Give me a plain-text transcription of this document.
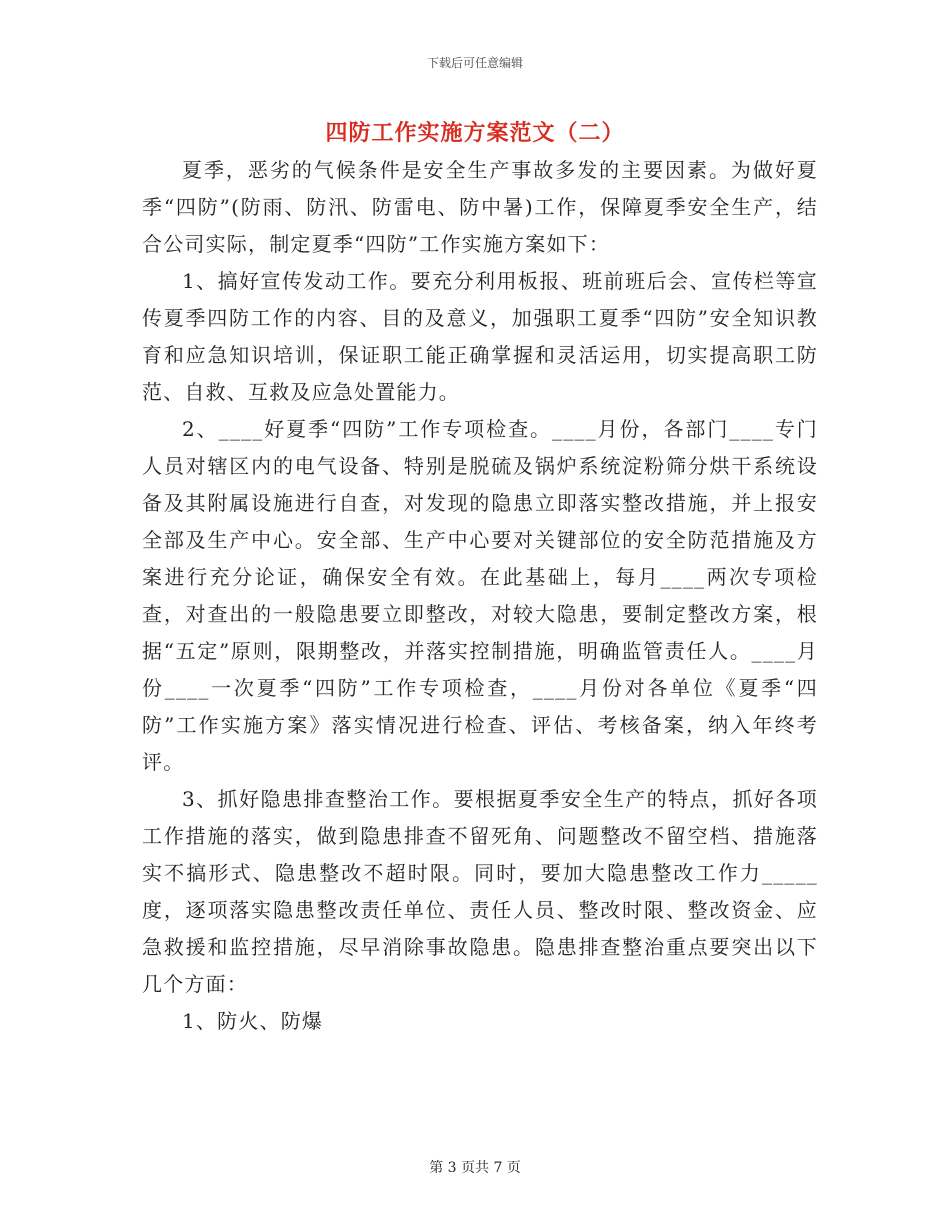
下载后可任意编辑
四防工作实施方案范文（二）

夏季，恶劣的气候条件是安全生产事故多发的主要因素。为做好夏季“四防”(防雨、防汛、防雷电、防中暑)工作，保障夏季安全生产，结合公司实际，制定夏季“四防”工作实施方案如下：

1、搞好宣传发动工作。要充分利用板报、班前班后会、宣传栏等宣传夏季四防工作的内容、目的及意义，加强职工夏季“四防”安全知识教育和应急知识培训，保证职工能正确掌握和灵活运用，切实提高职工防范、自救、互救及应急处置能力。

2、____好夏季“四防”工作专项检查。____月份，各部门____专门人员对辖区内的电气设备、特别是脱硫及锅炉系统淀粉筛分烘干系统设备及其附属设施进行自查，对发现的隐患立即落实整改措施，并上报安全部及生产中心。安全部、生产中心要对关键部位的安全防范措施及方案进行充分论证，确保安全有效。在此基础上，每月____两次专项检查，对查出的一般隐患要立即整改，对较大隐患，要制定整改方案，根据“五定”原则，限期整改，并落实控制措施，明确监管责任人。____月份____一次夏季“四防”工作专项检查，____月份对各单位《夏季“四防”工作实施方案》落实情况进行检查、评估、考核备案，纳入年终考评。

3、抓好隐患排查整治工作。要根据夏季安全生产的特点，抓好各项工作措施的落实，做到隐患排查不留死角、问题整改不留空档、措施落实不搞形式、隐患整改不超时限。同时，要加大隐患整改工作力_____度，逐项落实隐患整改责任单位、责任人员、整改时限、整改资金、应急救援和监控措施，尽早消除事故隐患。隐患排查整治重点要突出以下几个方面：

1、防火、防爆

第 3 页共 7 页
